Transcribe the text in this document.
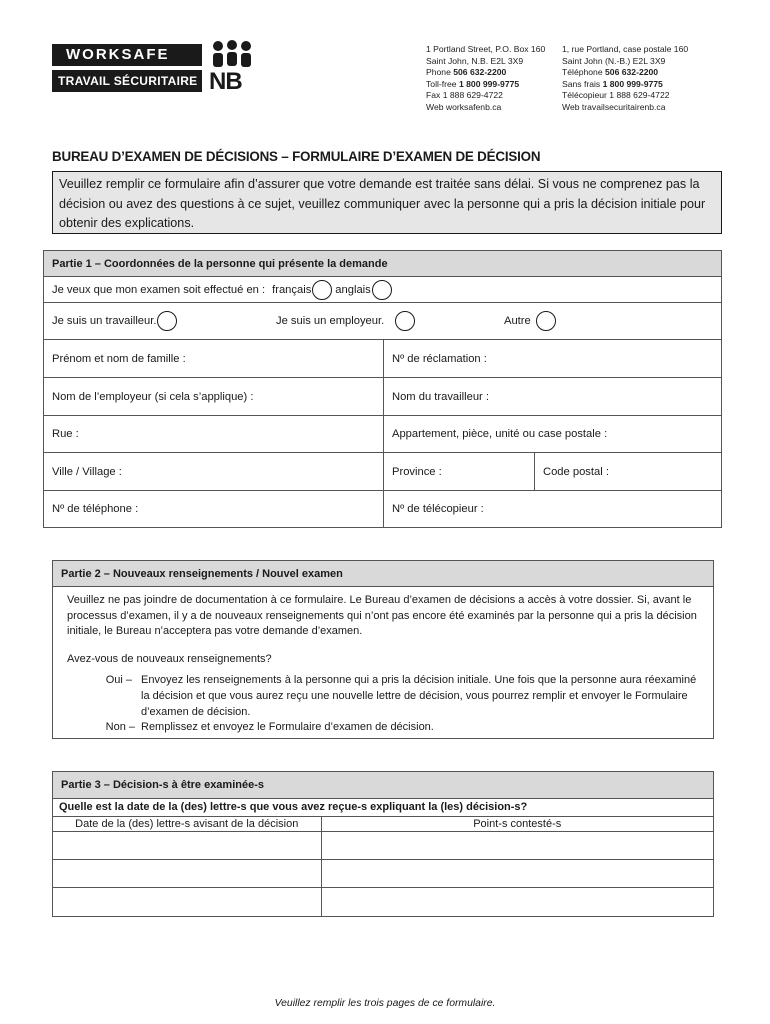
WORKSAFE
TRAVAIL SÉCURITAIRE NB
1 Portland Street, P.O. Box 160
Saint John, N.B. E2L 3X9
Phone 506 632-2200
Toll-free 1 800 999-9775
Fax 1 888 629-4722
Web worksafenb.ca
1, rue Portland, case postale 160
Saint John (N.-B.) E2L 3X9
Téléphone 506 632-2200
Sans frais 1 800 999-9775
Télécopieur 1 888 629-4722
Web travailsecuritairenb.ca
BUREAU D’EXAMEN DE DÉCISIONS – FORMULAIRE D’EXAMEN DE DÉCISION
Veuillez remplir ce formulaire afin d’assurer que votre demande est traitée sans délai. Si vous ne comprenez pas la décision ou avez des questions à ce sujet, veuillez communiquer avec la personne qui a pris la décision initiale pour obtenir des explications.
Partie 1 – Coordonnées de la personne qui présente la demande
Je veux que mon examen soit effectué en : français anglais
Je suis un travailleur.	Je suis un employeur.	Autre
Prénom et nom de famille :	Nº de réclamation :
Nom de l’employeur (si cela s’applique) :	Nom du travailleur :
Rue :	Appartement, pièce, unité ou case postale :
Ville / Village :	Province :	Code postal :
Nº de téléphone :	Nº de télécopieur :
Partie 2 – Nouveaux renseignements / Nouvel examen

Veuillez ne pas joindre de documentation à ce formulaire. Le Bureau d’examen de décisions a accès à votre dossier. Si, avant le processus d’examen, il y a de nouveaux renseignements qui n’ont pas encore été examinés par la personne qui a pris la décision initiale, le Bureau n’acceptera pas votre demande d’examen.

Avez-vous de nouveaux renseignements?

Oui – Envoyez les renseignements à la personne qui a pris la décision initiale. Une fois que la personne aura réexaminé la décision et que vous aurez reçu une nouvelle lettre de décision, vous pourrez remplir et envoyer le Formulaire d’examen de décision.
Non – Remplissez et envoyez le Formulaire d’examen de décision.
Partie 3 – Décision-s à être examinée-s
Quelle est la date de la (des) lettre-s que vous avez reçue-s expliquant la (les) décision-s?
Date de la (des) lettre-s avisant de la décision	Point-s contesté-s

Veuillez remplir les trois pages de ce formulaire.
